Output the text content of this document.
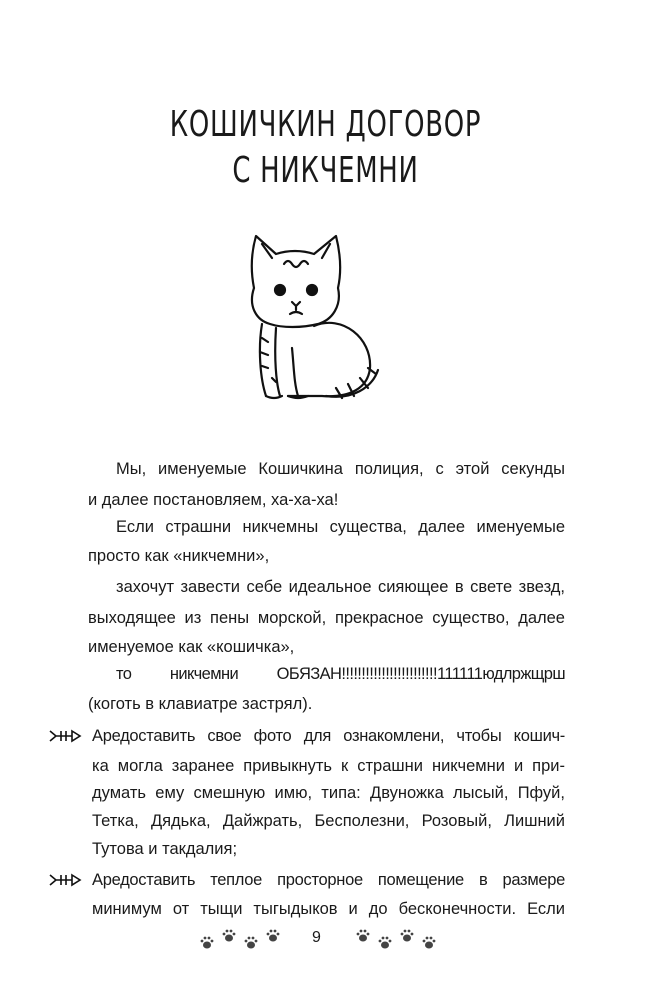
КОШИЧКИН ДОГОВОР
С НИКЧЕМНИ
Мы, именуемые Кошичкина полиция, с этой секунды
и далее постановляем, ха-ха-ха!
Если страшни никчемны существа, далее именуемые
просто как «никчемни»,
захочут завести себе идеальное сияющее в свете звезд,
выходящее из пены морской, прекрасное существо, далее
именуемое как «кошичка»,
то никчемни ОБЯЗАН!!!!!!!!!!!!!!!!!!!!!!!!111111юдлржщрш
(коготь в клавиатре застрял).
Аредоставить свое фото для ознакомлени, чтобы кошич-
ка могла заранее привыкнуть к страшни никчемни и при-
думать ему смешную имю, типа: Двуножка лысый, Пфуй,
Тетка, Дядька, Дайжрать, Бесполезни, Розовый, Лишний
Тутова и такдалия;
Аредоставить теплое просторное помещение в размере
минимум от тыщи тыгыдыков и до бесконечности. Если
9
